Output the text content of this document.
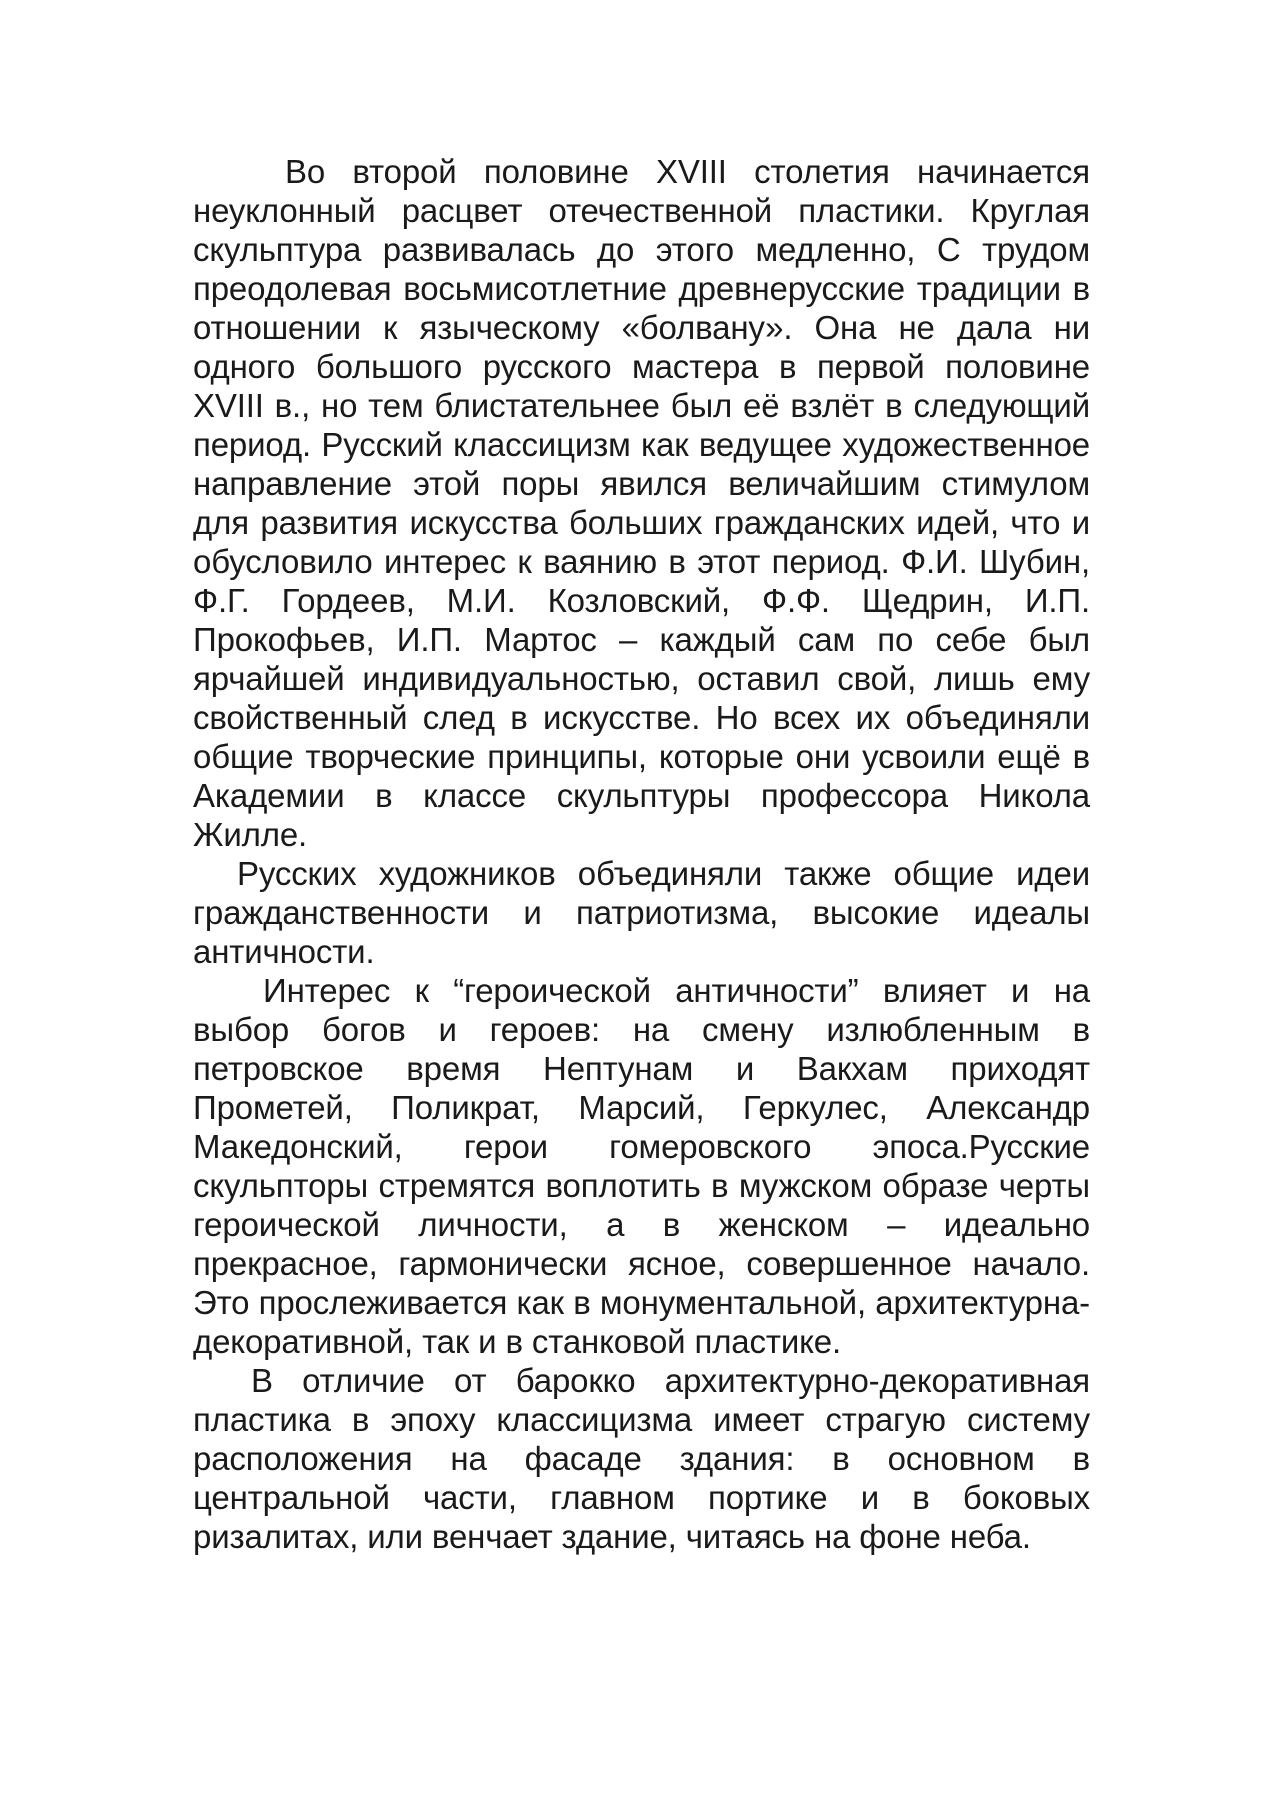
Во второй половине XVIII столетия начинается неуклонный расцвет отечественной пластики. Круглая скульптура развивалась до этого медленно, С трудом преодолевая восьмисотлетние древнерусские традиции в отношении к языческому «болвану». Она не дала ни одного большого русского мастера в первой половине XVIII в., но тем блистательнее был её взлёт в следующий период. Русский классицизм как ведущее художественное направление этой поры явился величайшим стимулом для развития искусства больших гражданских идей, что и обусловило интерес к ваянию в этот период. Ф.И. Шубин, Ф.Г. Гордеев, М.И. Козловский, Ф.Ф. Щедрин, И.П. Прокофьев, И.П. Мартос – каждый сам по себе был ярчайшей индивидуальностью, оставил свой, лишь ему свойственный след в искусстве. Но всех их объединяли общие творческие принципы, которые они усвоили ещё в Академии в классе скульптуры профессора Никола Жилле.

Русских художников объединяли также общие идеи гражданственности и патриотизма, высокие идеалы античности.

Интерес к “героической античности” влияет и на выбор богов и героев: на смену излюбленным в петровское время Нептунам и Вакхам приходят Прометей, Поликрат, Марсий, Геркулес, Александр Македонский, герои гомеровского эпоса.Русские скульпторы стремятся воплотить в мужском образе черты героической личности, а в женском – идеально прекрасное, гармонически ясное, совершенное начало. Это прослеживается как в монументальной, архитектурна-декоративной, так и в станковой пластике.

В отличие от барокко архитектурно-декоративная пластика в эпоху классицизма имеет страгую систему расположения на фасаде здания: в основном в центральной части, главном портике и в боковых ризалитах, или венчает здание, читаясь на фоне неба.
